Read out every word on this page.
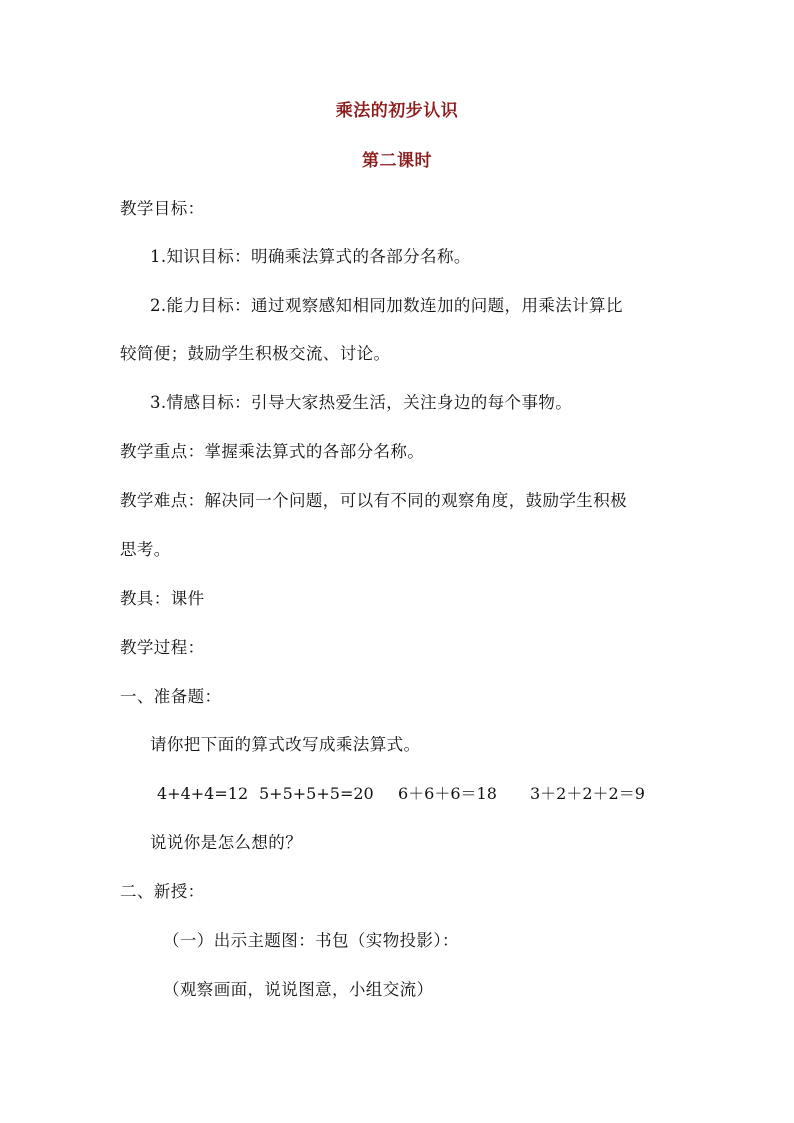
乘法的初步认识
第二课时
教学目标：
1.知识目标：明确乘法算式的各部分名称。
2.能力目标：通过观察感知相同加数连加的问题，用乘法计算比
较简便；鼓励学生积极交流、讨论。
3.情感目标：引导大家热爱生活，关注身边的每个事物。
教学重点：掌握乘法算式的各部分名称。
教学难点：解决同一个问题，可以有不同的观察角度，鼓励学生积极
思考。
教具：课件
教学过程：
一、准备题：
请你把下面的算式改写成乘法算式。
4+4+4=12 5+5+5+5=20 6＋6＋6＝18 3＋2＋2＋2＝9
说说你是怎么想的？
二、新授：
（一）出示主题图：书包（实物投影）：
（观察画面，说说图意，小组交流）
